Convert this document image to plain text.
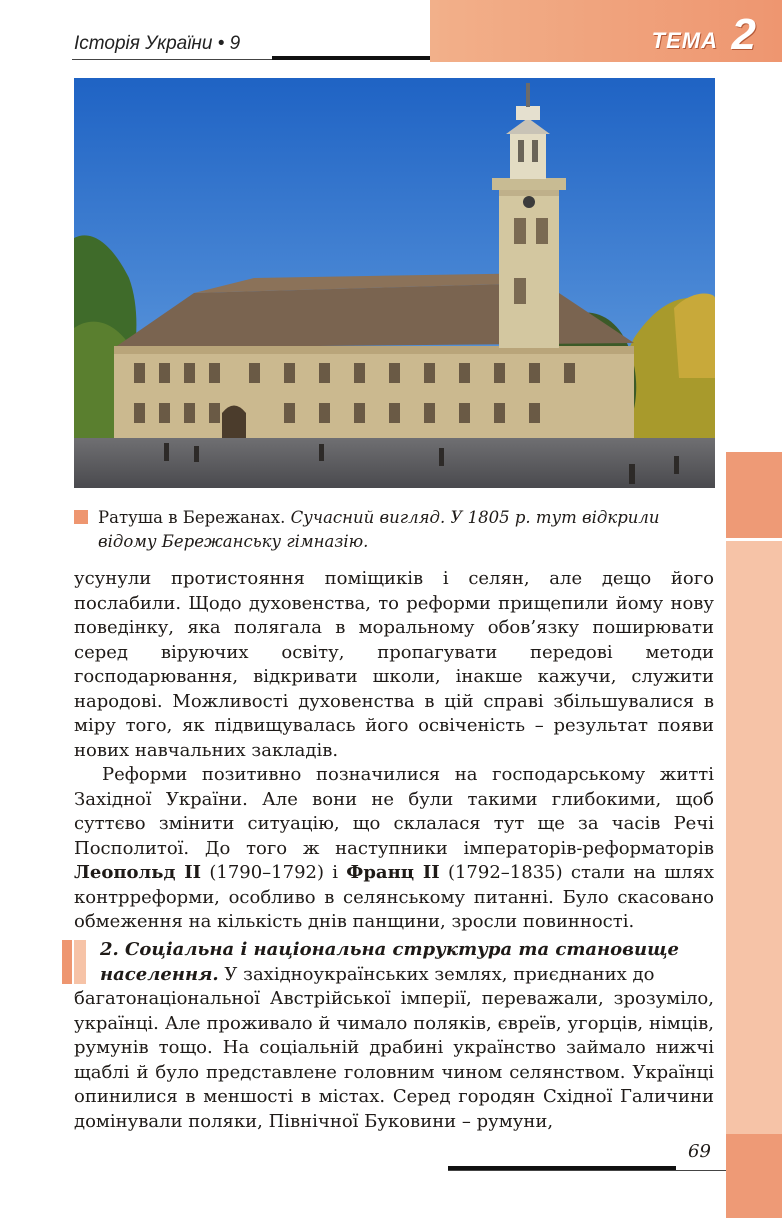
Історія України • 9	ТЕМА 2
Ратуша в Бережанах. Сучасний вигляд. У 1805 р. тут відкрили
відому Бережанську гімназію.
усунули протистояння поміщиків і селян, але дещо його послабили. Щодо духовенства, то реформи прищепили йому нову поведінку, яка полягала в моральному обов’язку поширювати серед віруючих освіту, пропагувати передові методи господарювання, відкривати школи, інакше кажучи, служити народові. Можливості духовенства в цій справі збільшувалися в міру того, як підвищувалась його освіченість – результат появи нових навчальних закладів.
Реформи позитивно позначилися на господарському житті Західної України. Але вони не були такими глибокими, щоб суттєво змінити ситуацію, що склалася тут ще за часів Речі Посполитої. До того ж наступники імператорів-реформаторів Леопольд ІІ (1790–1792) і Франц ІІ (1792–1835) стали на шлях контрреформи, особливо в селянському питанні. Було скасовано обмеження на кількість днів панщини, зросли повинності.
2. Соціальна і національна структура та становище
населення. У західноукраїнських землях, приєднаних до
багатонаціональної Австрійської імперії, переважали, зрозуміло, українці. Але проживало й чимало поляків, євреїв, угорців, німців, румунів тощо. На соціальній драбині українство займало нижчі щаблі й було представлене головним чином селянством. Українці опинилися в меншості в містах. Серед городян Східної Галичини домінували поляки, Північної Буковини – румуни,
69
